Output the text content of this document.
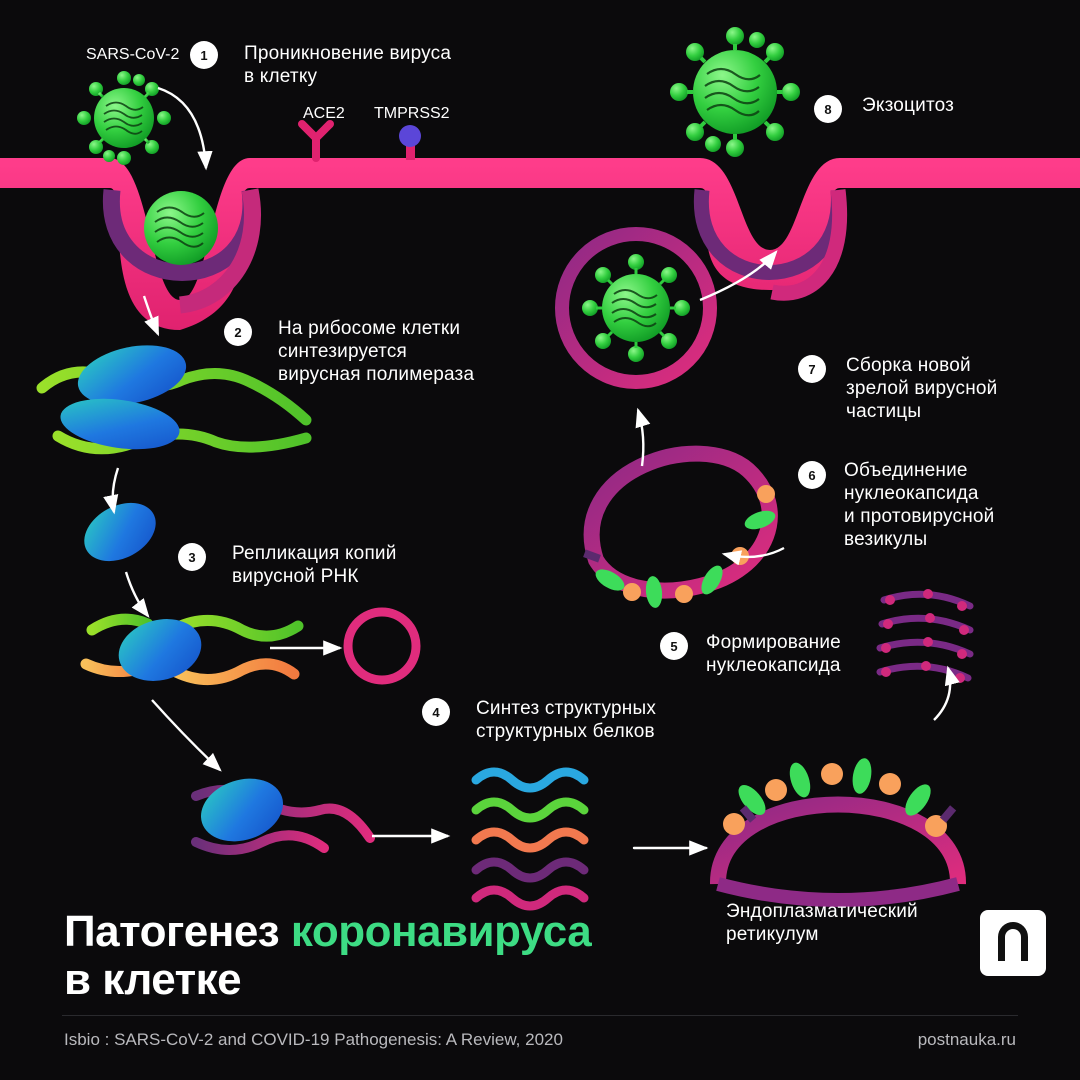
SARS-CoV-2
ACE2 TMPRSS2
1	Проникновение вируса
в клетку
2	На рибосоме клетки
синтезируется
вирусная полимераза
3	Репликация копий
вирусной РНК
4	Синтез структурных
структурных белков
5	Формирование
нуклеокапсида
6	Объединение
нуклеокапсида
и протовирусной
везикулы
7	Сборка новой
зрелой вирусной
частицы
8	Экзоцитоз
Эндоплазматический
ретикулум
Патогенез коронавируса
в клетке
Isbio : SARS-CoV-2 and COVID-19 Pathogenesis: A Review, 2020	postnauka.ru
